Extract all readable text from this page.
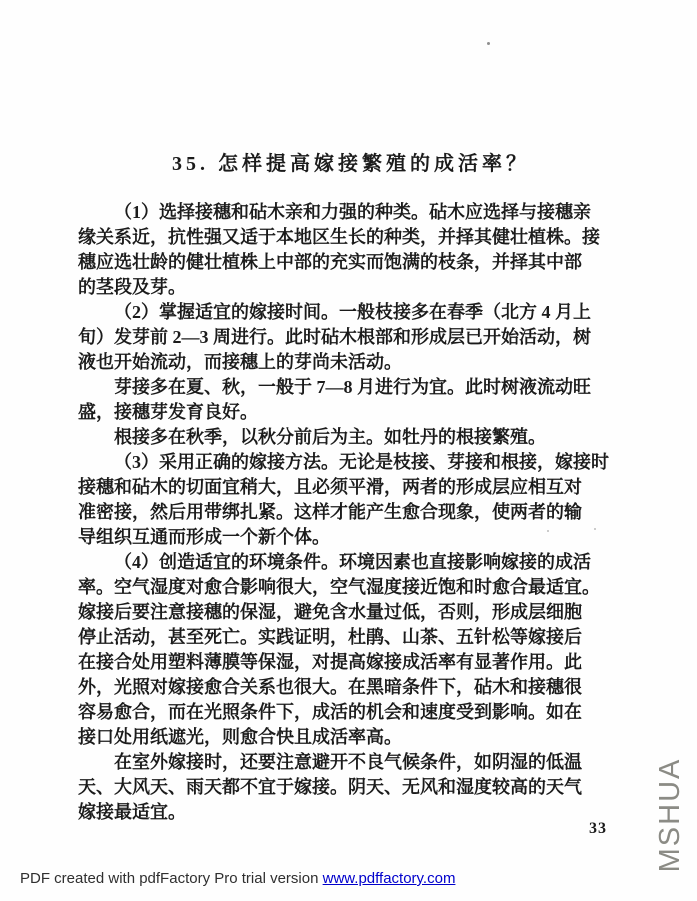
35. 怎样提高嫁接繁殖的成活率？
（1）选择接穗和砧木亲和力强的种类。砧木应选择与接穗亲
缘关系近，抗性强又适于本地区生长的种类，并择其健壮植株。接
穗应选壮龄的健壮植株上中部的充实而饱满的枝条，并择其中部
的茎段及芽。
（2）掌握适宜的嫁接时间。一般枝接多在春季（北方 4 月上
旬）发芽前 2—3 周进行。此时砧木根部和形成层已开始活动，树
液也开始流动，而接穗上的芽尚未活动。
芽接多在夏、秋，一般于 7—8 月进行为宜。此时树液流动旺
盛，接穗芽发育良好。
根接多在秋季，以秋分前后为主。如牡丹的根接繁殖。
（3）采用正确的嫁接方法。无论是枝接、芽接和根接，嫁接时
接穗和砧木的切面宜稍大，且必须平滑，两者的形成层应相互对
准密接，然后用带绑扎紧。这样才能产生愈合现象，使两者的输
导组织互通而形成一个新个体。
（4）创造适宜的环境条件。环境因素也直接影响嫁接的成活
率。空气湿度对愈合影响很大，空气湿度接近饱和时愈合最适宜。
嫁接后要注意接穗的保湿，避免含水量过低，否则，形成层细胞
停止活动，甚至死亡。实践证明，杜鹃、山茶、五针松等嫁接后
在接合处用塑料薄膜等保湿，对提高嫁接成活率有显著作用。此
外，光照对嫁接愈合关系也很大。在黑暗条件下，砧木和接穗很
容易愈合，而在光照条件下，成活的机会和速度受到影响。如在
接口处用纸遮光，则愈合快且成活率高。
在室外嫁接时，还要注意避开不良气候条件，如阴湿的低温
天、大风天、雨天都不宜于嫁接。阴天、无风和湿度较高的天气
嫁接最适宜。
33 MSHUA
PDF created with pdfFactory Pro trial version www.pdffactory.com
